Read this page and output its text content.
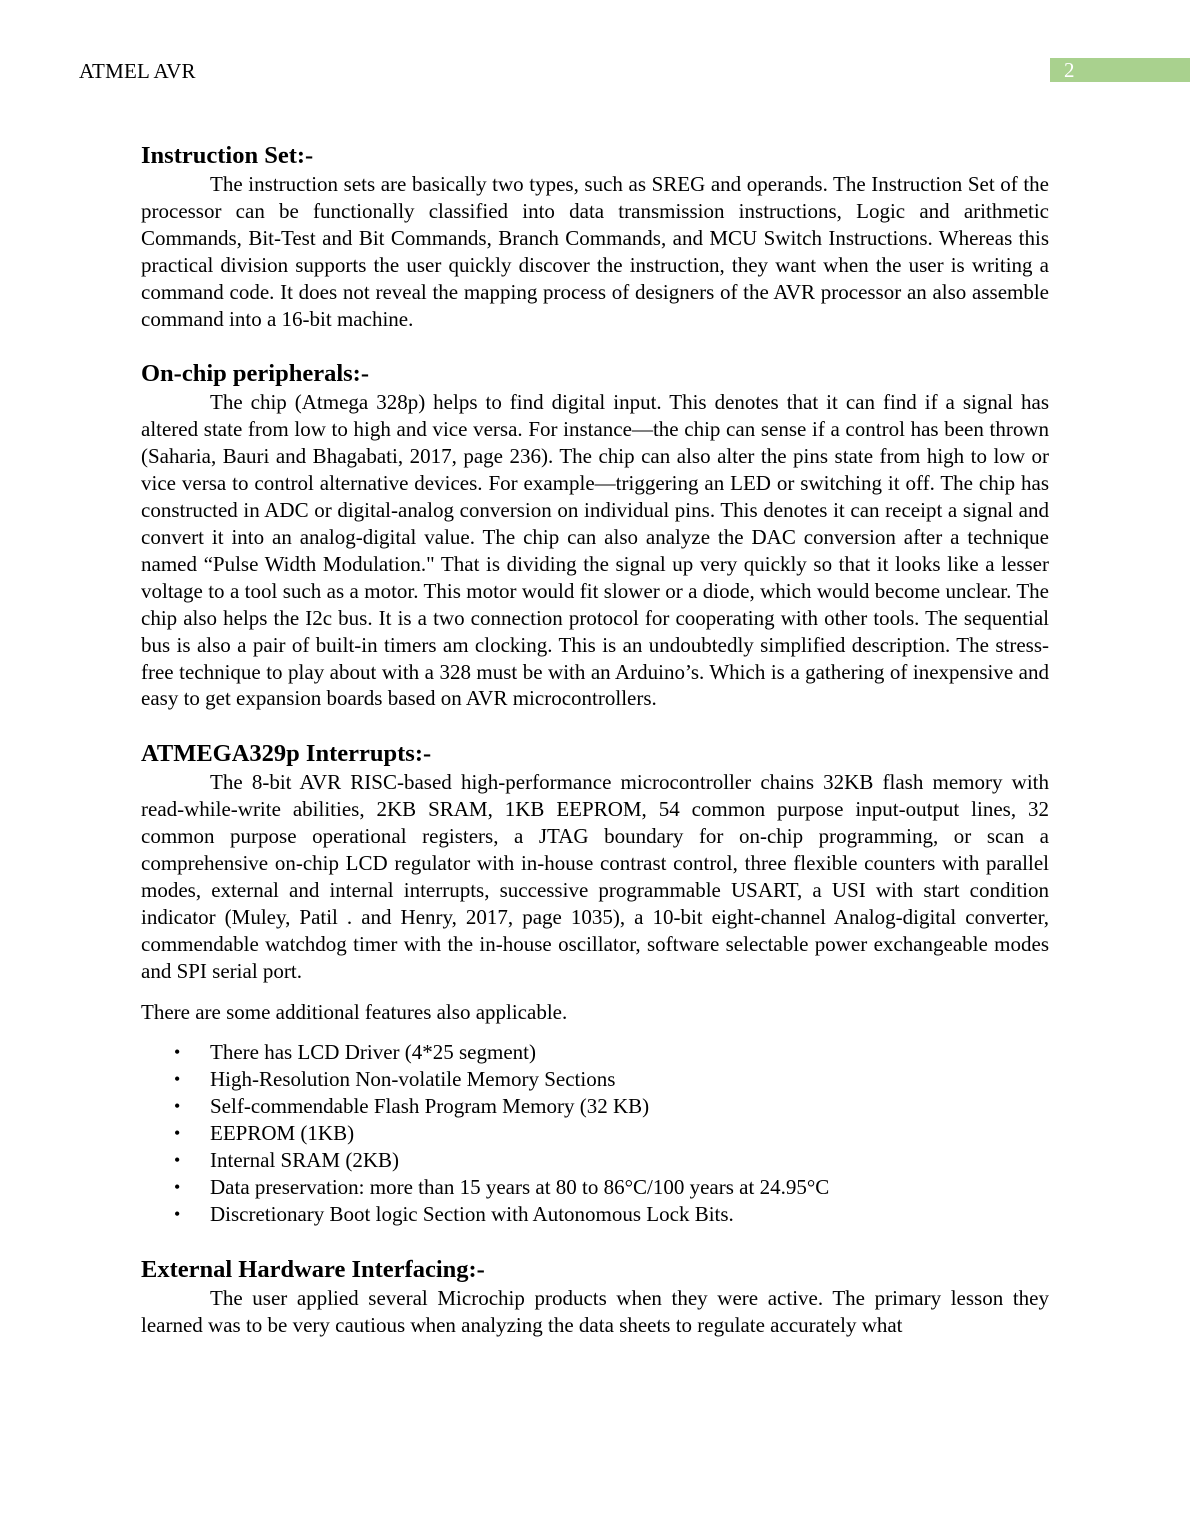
ATMEL AVR	2
Instruction Set:-

The instruction sets are basically two types, such as SREG and operands. The Instruction Set of the processor can be functionally classified into data transmission instructions, Logic and arithmetic Commands, Bit-Test and Bit Commands, Branch Commands, and MCU Switch Instructions. Whereas this practical division supports the user quickly discover the instruction, they want when the user is writing a command code. It does not reveal the mapping process of designers of the AVR processor an also assemble command into a 16-bit machine.

On-chip peripherals:-

The chip (Atmega 328p) helps to find digital input. This denotes that it can find if a signal has altered state from low to high and vice versa. For instance—the chip can sense if a control has been thrown (Saharia, Bauri and Bhagabati, 2017, page 236). The chip can also alter the pins state from high to low or vice versa to control alternative devices. For example—triggering an LED or switching it off. The chip has constructed in ADC or digital-analog conversion on individual pins. This denotes it can receipt a signal and convert it into an analog-digital value. The chip can also analyze the DAC conversion after a technique named “Pulse Width Modulation." That is dividing the signal up very quickly so that it looks like a lesser voltage to a tool such as a motor. This motor would fit slower or a diode, which would become unclear. The chip also helps the I2c bus. It is a two connection protocol for cooperating with other tools. The sequential bus is also a pair of built-in timers am clocking. This is an undoubtedly simplified description. The stress-free technique to play about with a 328 must be with an Arduino’s. Which is a gathering of inexpensive and easy to get expansion boards based on AVR microcontrollers.

ATMEGA329p Interrupts:-

The 8-bit AVR RISC-based high-performance microcontroller chains 32KB flash memory with read-while-write abilities, 2KB SRAM, 1KB EEPROM, 54 common purpose input-output lines, 32 common purpose operational registers, a JTAG boundary for on-chip programming, or scan a comprehensive on-chip LCD regulator with in-house contrast control, three flexible counters with parallel modes, external and internal interrupts, successive programmable USART, a USI with start condition indicator (Muley, Patil . and Henry, 2017, page 1035), a 10-bit eight-channel Analog-digital converter, commendable watchdog timer with the in-house oscillator, software selectable power exchangeable modes and SPI serial port.

There are some additional features also applicable.

• There has LCD Driver (4*25 segment)
• High-Resolution Non-volatile Memory Sections
• Self-commendable Flash Program Memory (32 KB)
• EEPROM (1KB)
• Internal SRAM (2KB)
• Data preservation: more than 15 years at 80 to 86°C/100 years at 24.95°C
• Discretionary Boot logic Section with Autonomous Lock Bits.
External Hardware Interfacing:-

The user applied several Microchip products when they were active. The primary lesson they learned was to be very cautious when analyzing the data sheets to regulate accurately what
